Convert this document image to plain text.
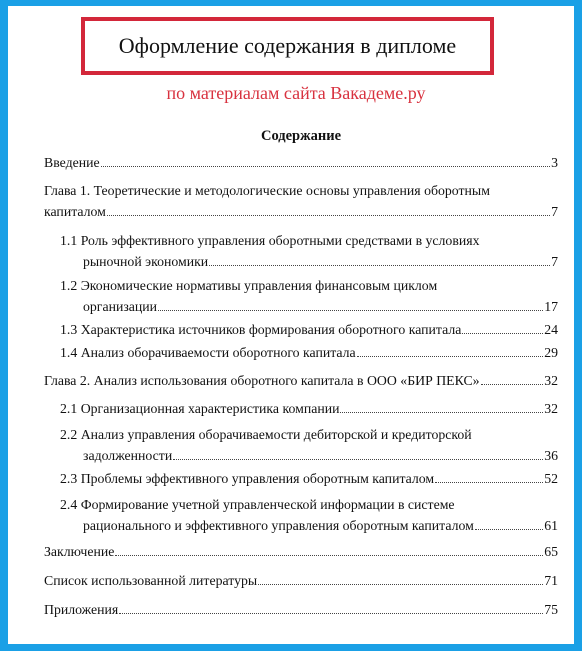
Оформление содержания в дипломе
по материалам сайта Вакадеме.ру
Содержание
Введение	3
Глава 1. Теоретические и методологические основы управления оборотным
капиталом	7
1.1 Роль эффективного управления оборотными средствами в условиях
рыночной экономики	7
1.2 Экономические нормативы управления финансовым циклом
организации	17
1.3 Характеристика источников формирования оборотного капитала	24
1.4 Анализ оборачиваемости оборотного капитала	29
Глава 2. Анализ использования оборотного капитала в ООО «БИР ПЕКС»	32
2.1 Организационная характеристика компании	32
2.2 Анализ управления оборачиваемости дебиторской и кредиторской
задолженности	36
2.3 Проблемы эффективного управления оборотным капиталом	52
2.4 Формирование учетной управленческой информации в системе
рационального и эффективного управления оборотным капиталом	61
Заключение	65
Список использованной литературы	71
Приложения	75
